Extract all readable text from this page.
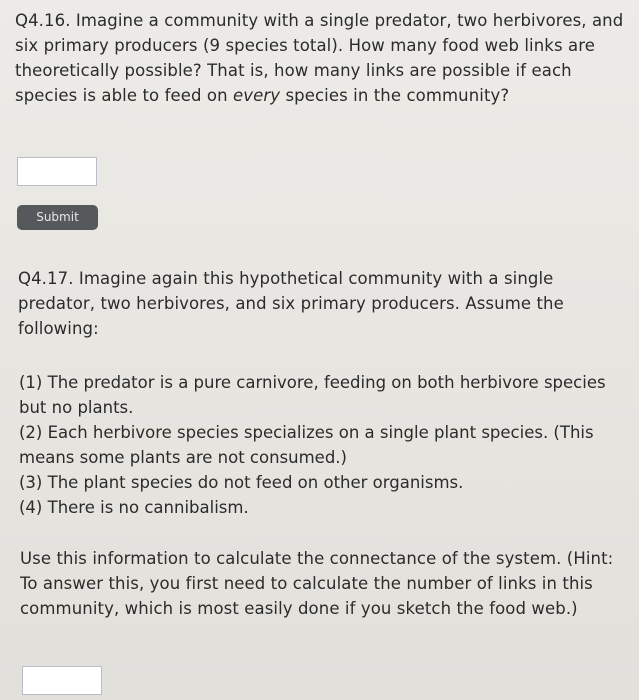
Q4.16. Imagine a community with a single predator, two herbivores, and six primary producers (9 species total). How many food web links are theoretically possible? That is, how many links are possible if each species is able to feed on every species in the community?

Submit

Q4.17. Imagine again this hypothetical community with a single predator, two herbivores, and six primary producers. Assume the following:

(1) The predator is a pure carnivore, feeding on both herbivore species but no plants.
(2) Each herbivore species specializes on a single plant species. (This means some plants are not consumed.)
(3) The plant species do not feed on other organisms.
(4) There is no cannibalism.

Use this information to calculate the connectance of the system. (Hint: To answer this, you first need to calculate the number of links in this community, which is most easily done if you sketch the food web.)
